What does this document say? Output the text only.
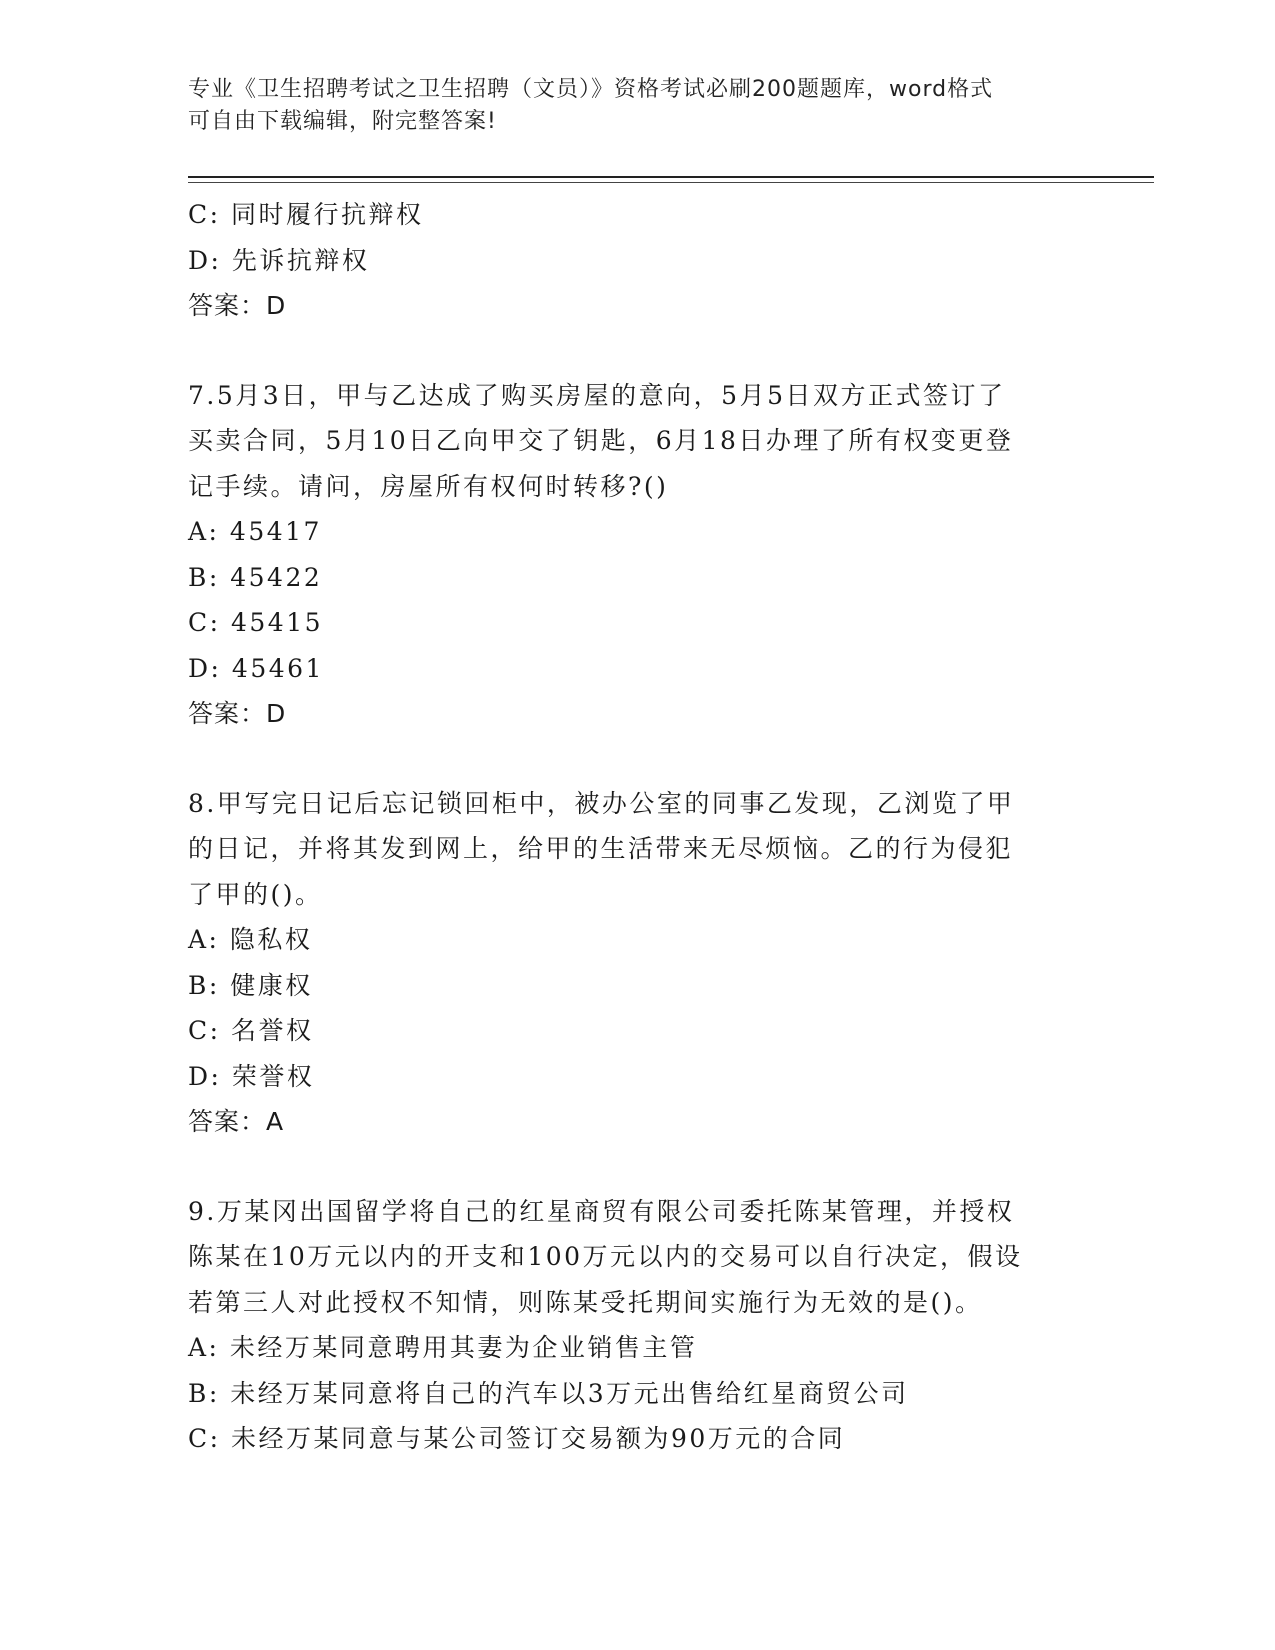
专业《卫生招聘考试之卫生招聘（文员）》资格考试必刷200题题库，word格式
可自由下载编辑，附完整答案!
C: 同时履行抗辩权
D: 先诉抗辩权
答案：D
7.5月3日，甲与乙达成了购买房屋的意向，5月5日双方正式签订了
买卖合同，5月10日乙向甲交了钥匙，6月18日办理了所有权变更登
记手续。请问，房屋所有权何时转移?()
A: 45417
B: 45422
C: 45415
D: 45461
答案：D
8.甲写完日记后忘记锁回柜中，被办公室的同事乙发现，乙浏览了甲
的日记，并将其发到网上，给甲的生活带来无尽烦恼。乙的行为侵犯
了甲的()。
A: 隐私权
B: 健康权
C: 名誉权
D: 荣誉权
答案：A
9.万某冈出国留学将自己的红星商贸有限公司委托陈某管理，并授权
陈某在10万元以内的开支和100万元以内的交易可以自行决定，假设
若第三人对此授权不知情，则陈某受托期间实施行为无效的是()。
A: 未经万某同意聘用其妻为企业销售主管
B: 未经万某同意将自己的汽车以3万元出售给红星商贸公司
C: 未经万某同意与某公司签订交易额为90万元的合同
